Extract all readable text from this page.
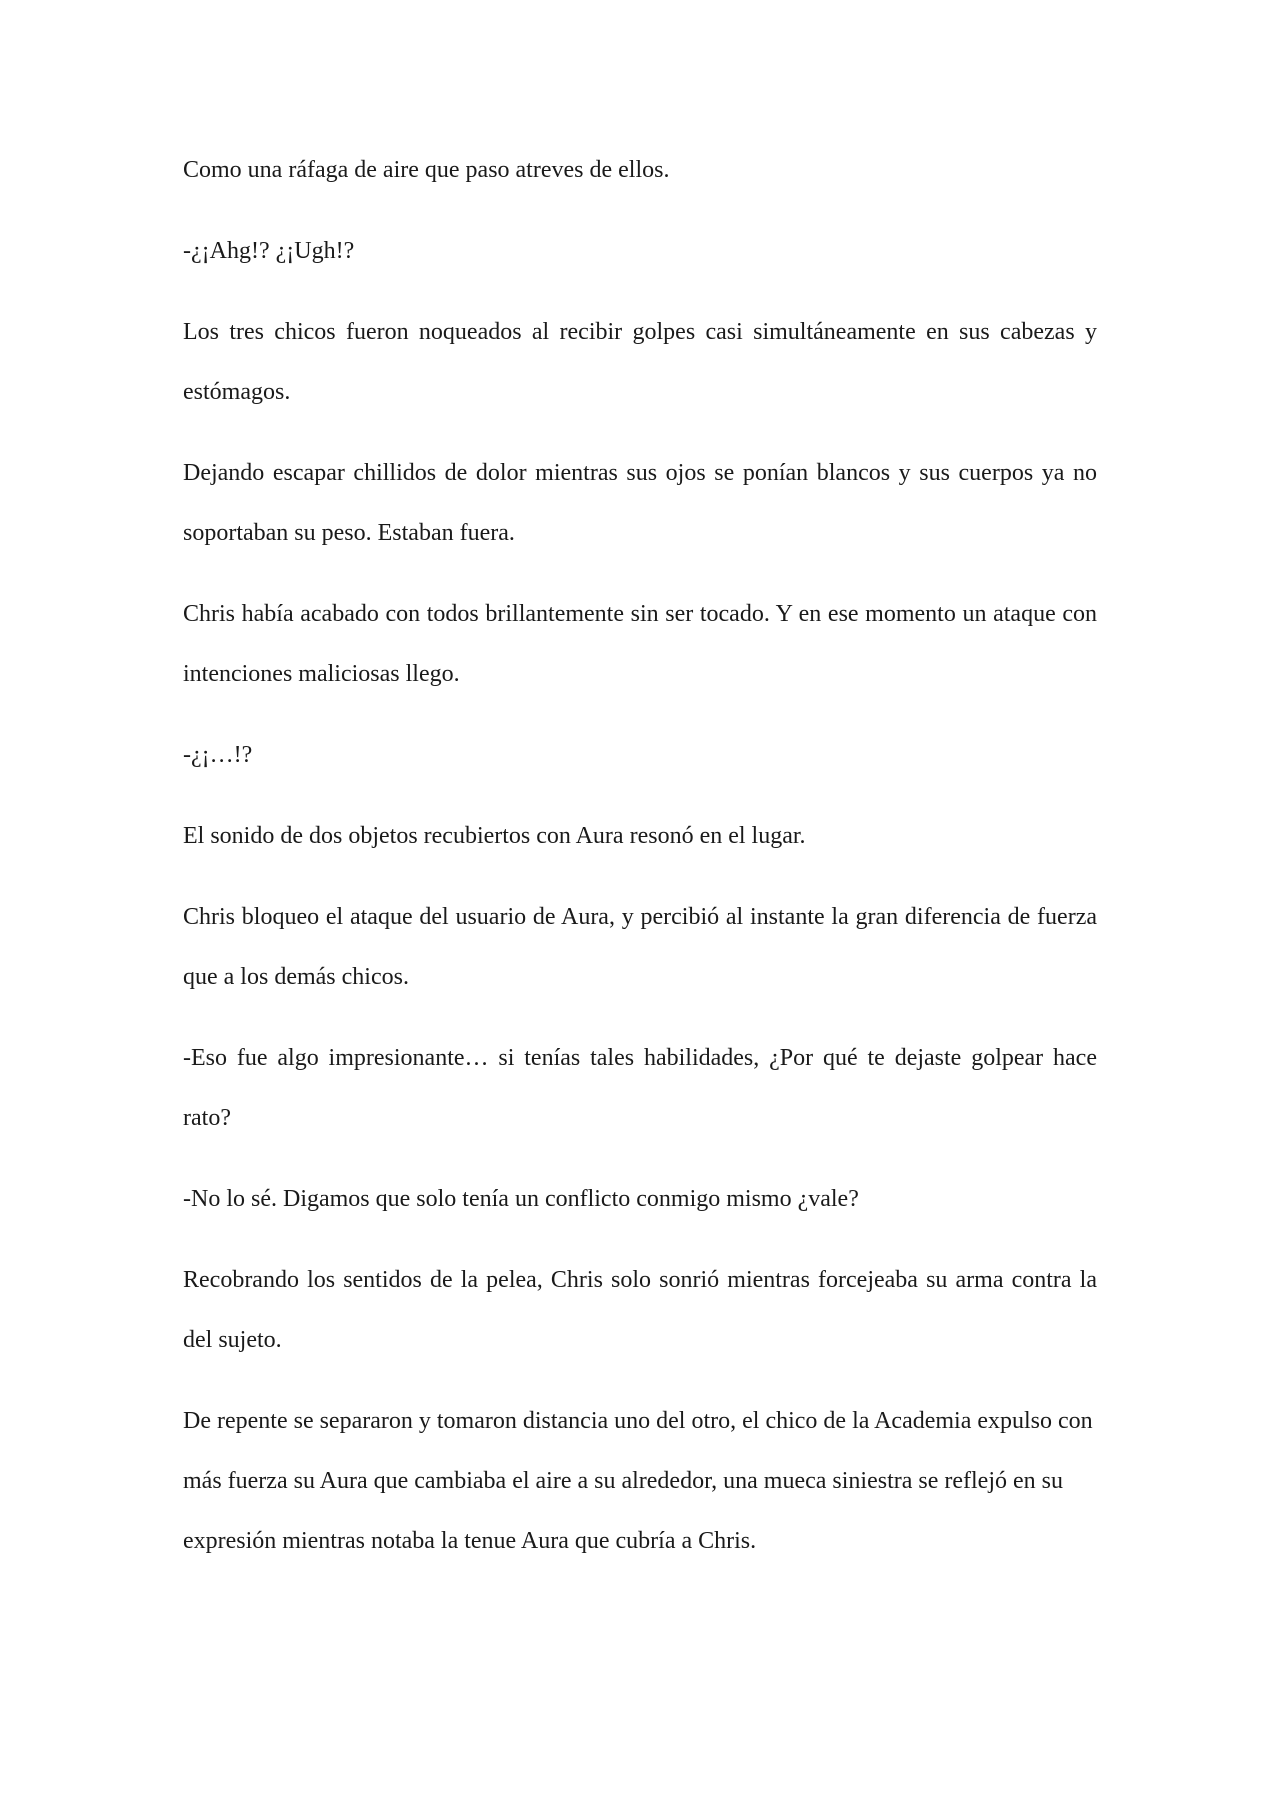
Como una ráfaga de aire que paso atreves de ellos.

-¿¡Ahg!? ¿¡Ugh!?

Los tres chicos fueron noqueados al recibir golpes casi simultáneamente en sus cabezas y estómagos.

Dejando escapar chillidos de dolor mientras sus ojos se ponían blancos y sus cuerpos ya no soportaban su peso. Estaban fuera.

Chris había acabado con todos brillantemente sin ser tocado. Y en ese momento un ataque con intenciones maliciosas llego.

-¿¡…!?

El sonido de dos objetos recubiertos con Aura resonó en el lugar.

Chris bloqueo el ataque del usuario de Aura, y percibió al instante la gran diferencia de fuerza que a los demás chicos.

-Eso fue algo impresionante… si tenías tales habilidades, ¿Por qué te dejaste golpear hace rato?

-No lo sé. Digamos que solo tenía un conflicto conmigo mismo ¿vale?

Recobrando los sentidos de la pelea, Chris solo sonrió mientras forcejeaba su arma contra la del sujeto.

De repente se separaron y tomaron distancia uno del otro, el chico de la Academia expulso con más fuerza su Aura que cambiaba el aire a su alrededor, una mueca siniestra se reflejó en su expresión mientras notaba la tenue Aura que cubría a Chris.
